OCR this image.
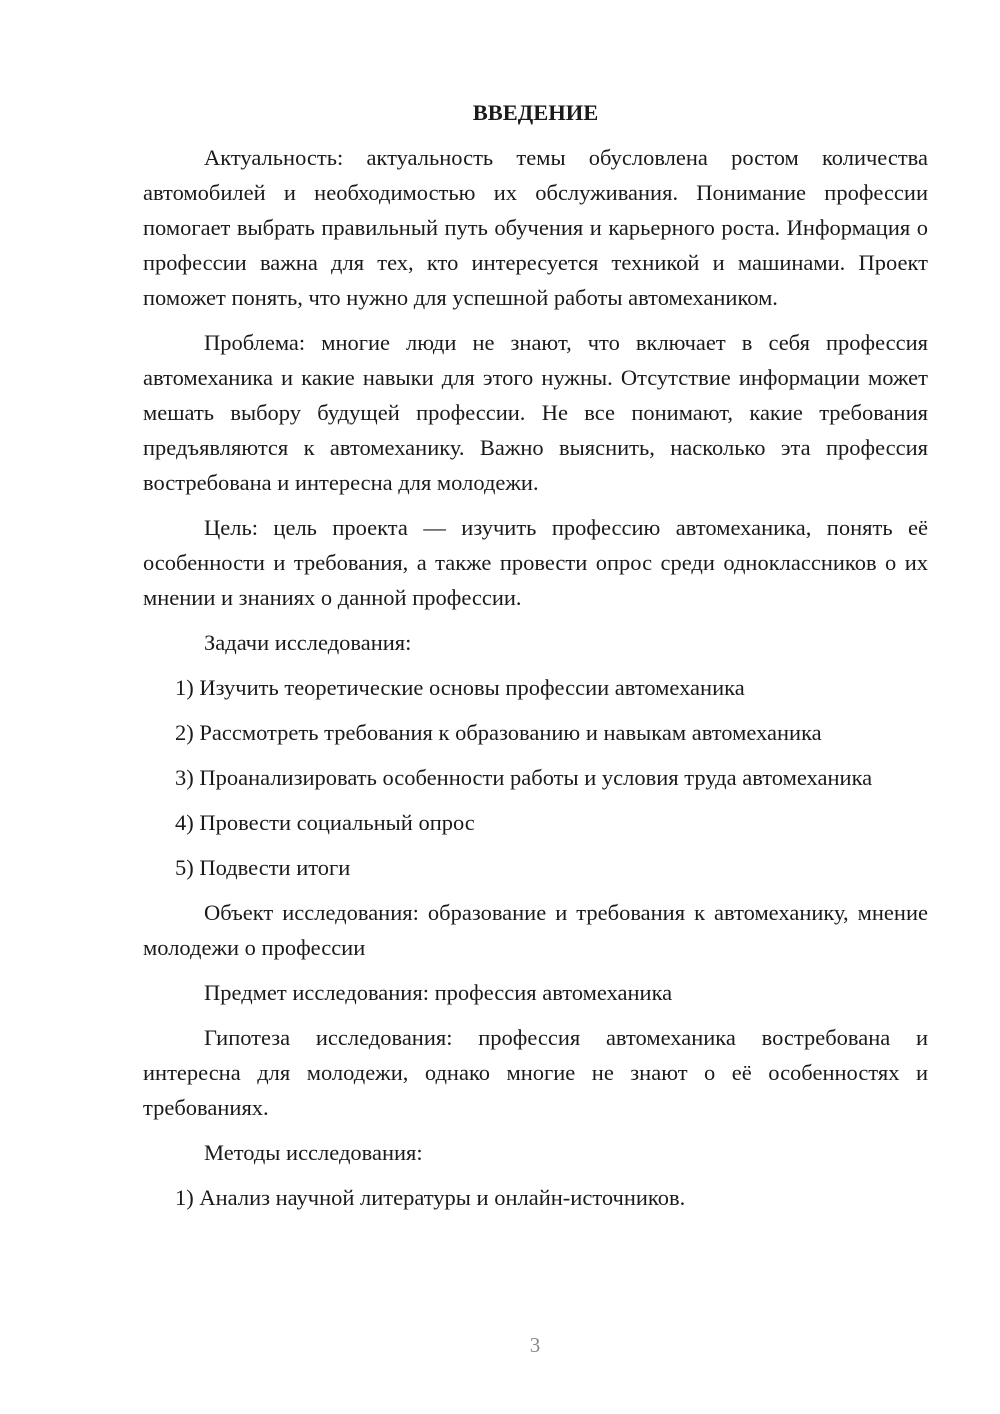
ВВЕДЕНИЕ

Актуальность: актуальность темы обусловлена ростом количества автомобилей и необходимостью их обслуживания. Понимание профессии помогает выбрать правильный путь обучения и карьерного роста. Информация о профессии важна для тех, кто интересуется техникой и машинами. Проект поможет понять, что нужно для успешной работы автомехаником.

Проблема: многие люди не знают, что включает в себя профессия автомеханика и какие навыки для этого нужны. Отсутствие информации может мешать выбору будущей профессии. Не все понимают, какие требования предъявляются к автомеханику. Важно выяснить, насколько эта профессия востребована и интересна для молодежи.

Цель: цель проекта — изучить профессию автомеханика, понять её особенности и требования, а также провести опрос среди одноклассников о их мнении и знаниях о данной профессии.

Задачи исследования:

1) Изучить теоретические основы профессии автомеханика

2) Рассмотреть требования к образованию и навыкам автомеханика

3) Проанализировать особенности работы и условия труда автомеханика

4) Провести социальный опрос

5) Подвести итоги

Объект исследования: образование и требования к автомеханику, мнение молодежи о профессии

Предмет исследования: профессия автомеханика

Гипотеза исследования: профессия автомеханика востребована и интересна для молодежи, однако многие не знают о её особенностях и требованиях.

Методы исследования:

1) Анализ научной литературы и онлайн-источников.

3
